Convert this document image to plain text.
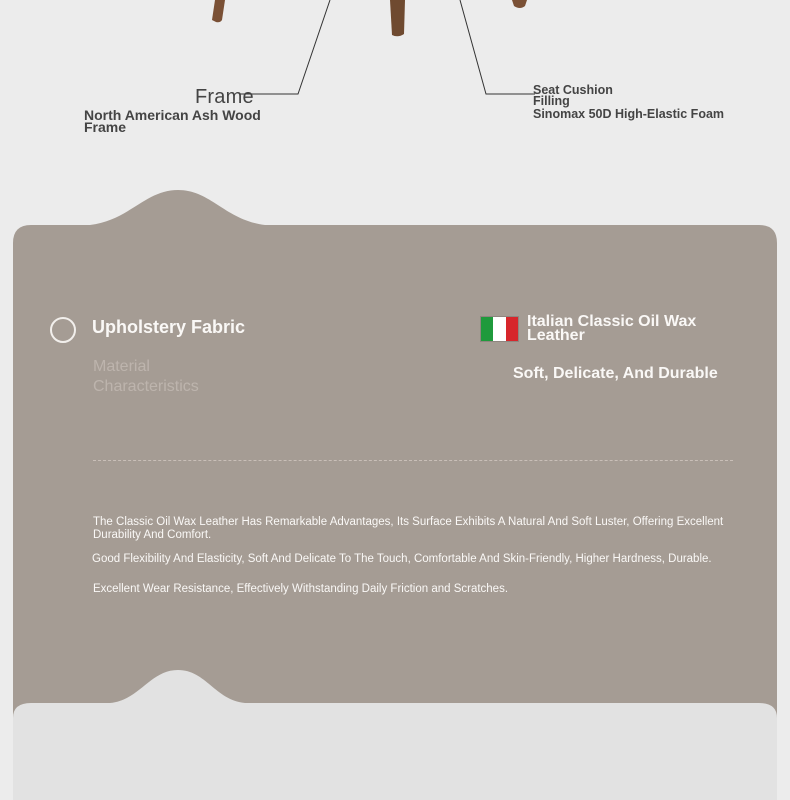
Frame
North American Ash Wood Frame
Seat Cushion Filling
Sinomax 50D High-Elastic Foam
Upholstery Fabric
Material Characteristics
Italian Classic Oil Wax Leather
Soft, Delicate, And Durable
The Classic Oil Wax Leather Has Remarkable Advantages, Its Surface Exhibits A Natural And Soft Luster, Offering Excellent Durability And Comfort.
Good Flexibility And Elasticity, Soft And Delicate To The Touch, Comfortable And Skin-Friendly, Higher Hardness, Durable.
Excellent Wear Resistance, Effectively Withstanding Daily Friction and Scratches.
